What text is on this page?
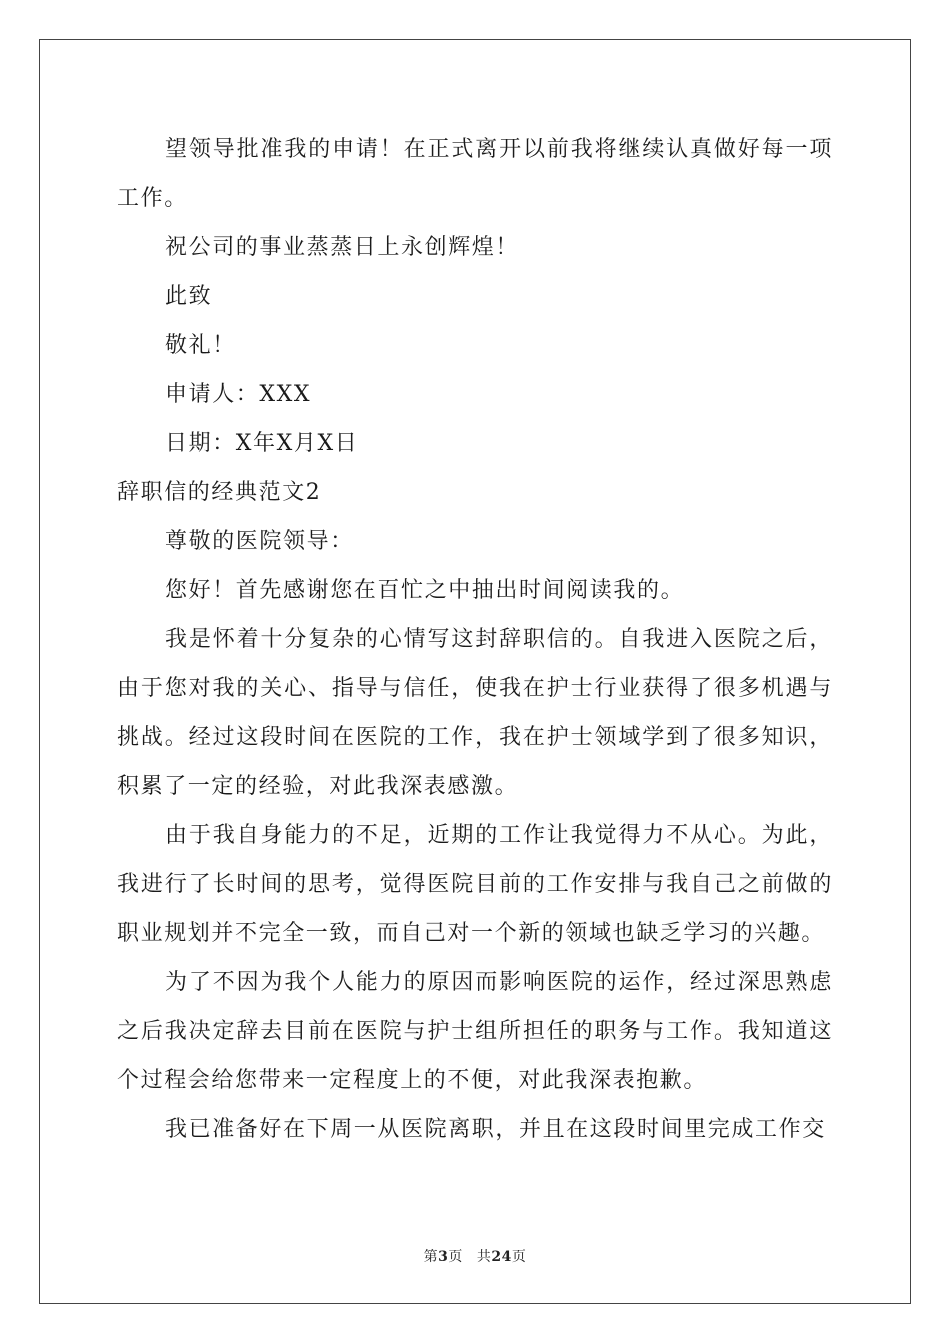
望领导批准我的申请！在正式离开以前我将继续认真做好每一项工作。

祝公司的事业蒸蒸日上永创辉煌！

此致

敬礼！

申请人：XXX

日期：X年X月X日

辞职信的经典范文2

尊敬的医院领导：

您好！首先感谢您在百忙之中抽出时间阅读我的。

我是怀着十分复杂的心情写这封辞职信的。自我进入医院之后，由于您对我的关心、指导与信任，使我在护士行业获得了很多机遇与挑战。经过这段时间在医院的工作，我在护士领域学到了很多知识，积累了一定的经验，对此我深表感激。

由于我自身能力的不足，近期的工作让我觉得力不从心。为此，我进行了长时间的思考，觉得医院目前的工作安排与我自己之前做的职业规划并不完全一致，而自己对一个新的领域也缺乏学习的兴趣。

为了不因为我个人能力的原因而影响医院的运作，经过深思熟虑之后我决定辞去目前在医院与护士组所担任的职务与工作。我知道这个过程会给您带来一定程度上的不便，对此我深表抱歉。

我已准备好在下周一从医院离职，并且在这段时间里完成工作交

第3页 共24页
